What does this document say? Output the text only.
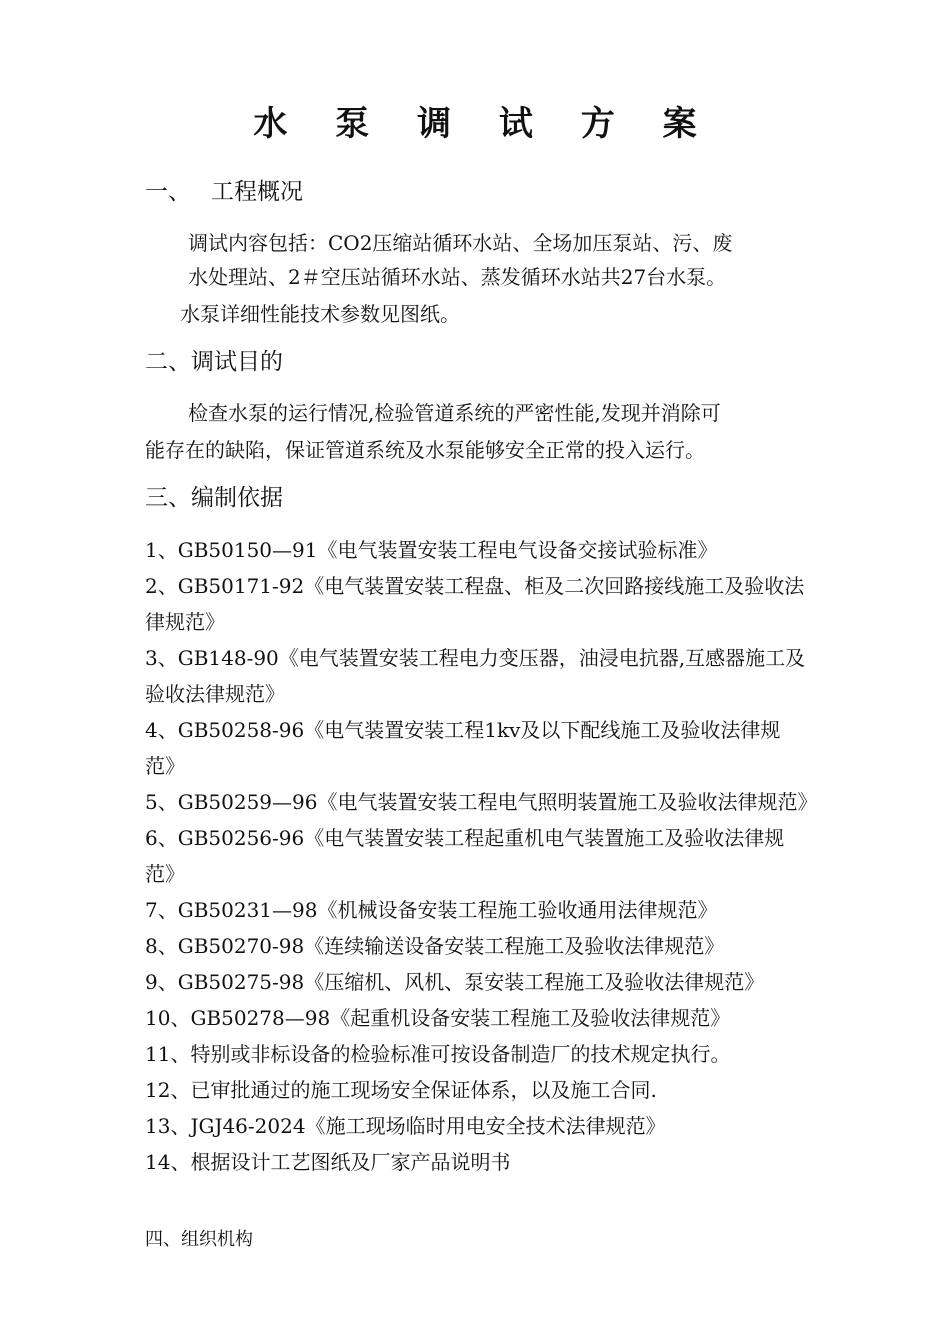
水 泵 调 试 方 案
一、 工程概况

调试内容包括：CO2压缩站循环水站、全场加压泵站、污、废

水处理站、2＃空压站循环水站、蒸发循环水站共27台水泵。

水泵详细性能技术参数见图纸。

二、调试目的

检查水泵的运行情况,检验管道系统的严密性能,发现并消除可

能存在的缺陷，保证管道系统及水泵能够安全正常的投入运行。

三、编制依据
1、GB50150—91《电气装置安装工程电气设备交接试验标准》
2、GB50171-92《电气装置安装工程盘、柜及二次回路接线施工及验收法律规范》
3、GB148-90《电气装置安装工程电力变压器，油浸电抗器,互感器施工及验收法律规范》
4、GB50258-96《电气装置安装工程1kv及以下配线施工及验收法律规范》
5、GB50259—96《电气装置安装工程电气照明装置施工及验收法律规范》
6、GB50256-96《电气装置安装工程起重机电气装置施工及验收法律规范》
7、GB50231—98《机械设备安装工程施工验收通用法律规范》
8、GB50270-98《连续输送设备安装工程施工及验收法律规范》
9、GB50275-98《压缩机、风机、泵安装工程施工及验收法律规范》
10、GB50278—98《起重机设备安装工程施工及验收法律规范》
11、特别或非标设备的检验标准可按设备制造厂的技术规定执行。
12、已审批通过的施工现场安全保证体系，以及施工合同.
13、JGJ46-2024《施工现场临时用电安全技术法律规范》
14、根据设计工艺图纸及厂家产品说明书
四、组织机构
